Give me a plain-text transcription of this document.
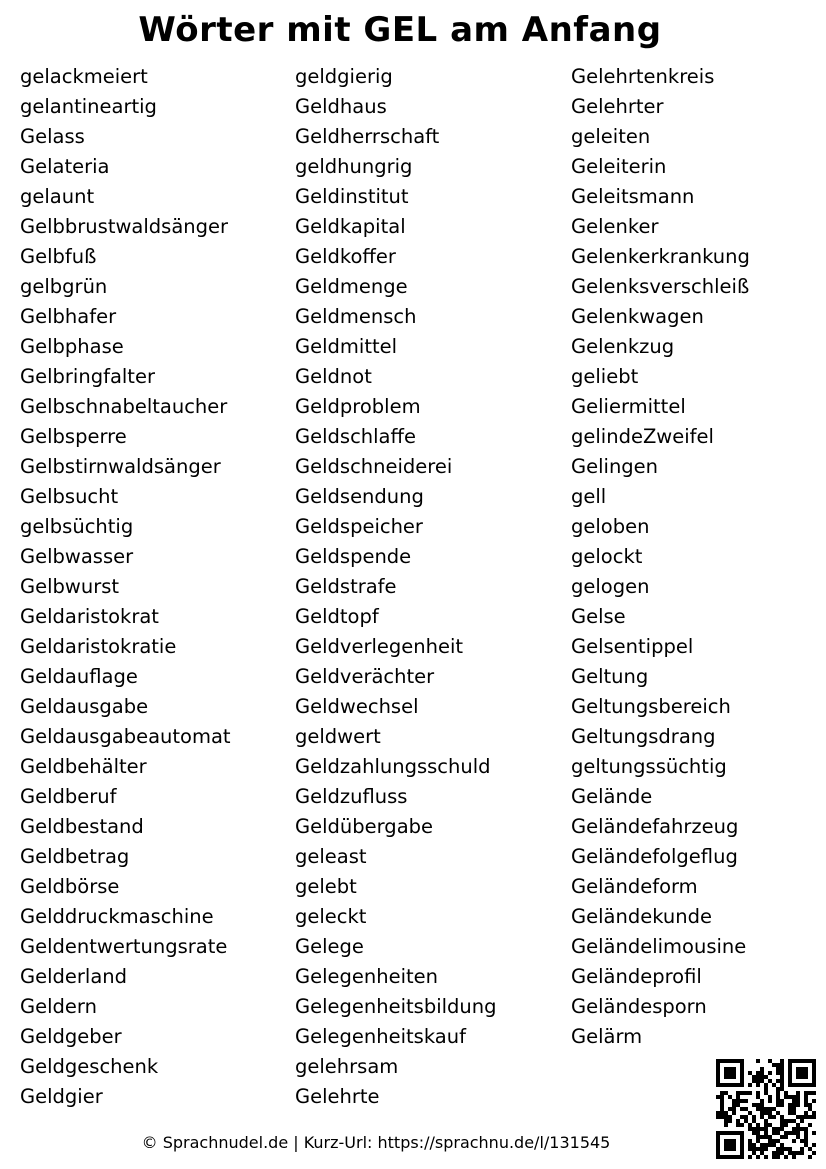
Wörter mit GEL am Anfang
gelackmeiert
gelantineartig
Gelass
Gelateria
gelaunt
Gelbbrustwaldsänger
Gelbfuß
gelbgrün
Gelbhafer
Gelbphase
Gelbringfalter
Gelbschnabeltaucher
Gelbsperre
Gelbstirnwaldsänger
Gelbsucht
gelbsüchtig
Gelbwasser
Gelbwurst
Geldaristokrat
Geldaristokratie
Geldauflage
Geldausgabe
Geldausgabeautomat
Geldbehälter
Geldberuf
Geldbestand
Geldbetrag
Geldbörse
Gelddruckmaschine
Geldentwertungsrate
Gelderland
Geldern
Geldgeber
Geldgeschenk
Geldgier
geldgierig
Geldhaus
Geldherrschaft
geldhungrig
Geldinstitut
Geldkapital
Geldkoffer
Geldmenge
Geldmensch
Geldmittel
Geldnot
Geldproblem
Geldschlaffe
Geldschneiderei
Geldsendung
Geldspeicher
Geldspende
Geldstrafe
Geldtopf
Geldverlegenheit
Geldverächter
Geldwechsel
geldwert
Geldzahlungsschuld
Geldzufluss
Geldübergabe
geleast
gelebt
geleckt
Gelege
Gelegenheiten
Gelegenheitsbildung
Gelegenheitskauf
gelehrsam
Gelehrte
Gelehrtenkreis
Gelehrter
geleiten
Geleiterin
Geleitsmann
Gelenker
Gelenkerkrankung
Gelenksverschleiß
Gelenkwagen
Gelenkzug
geliebt
Geliermittel
gelindeZweifel
Gelingen
gell
geloben
gelockt
gelogen
Gelse
Gelsentippel
Geltung
Geltungsbereich
Geltungsdrang
geltungssüchtig
Gelände
Geländefahrzeug
Geländefolgeflug
Geländeform
Geländekunde
Geländelimousine
Geländeprofil
Geländesporn
Gelärm
© Sprachnudel.de | Kurz-Url: https://sprachnu.de/l/131545
